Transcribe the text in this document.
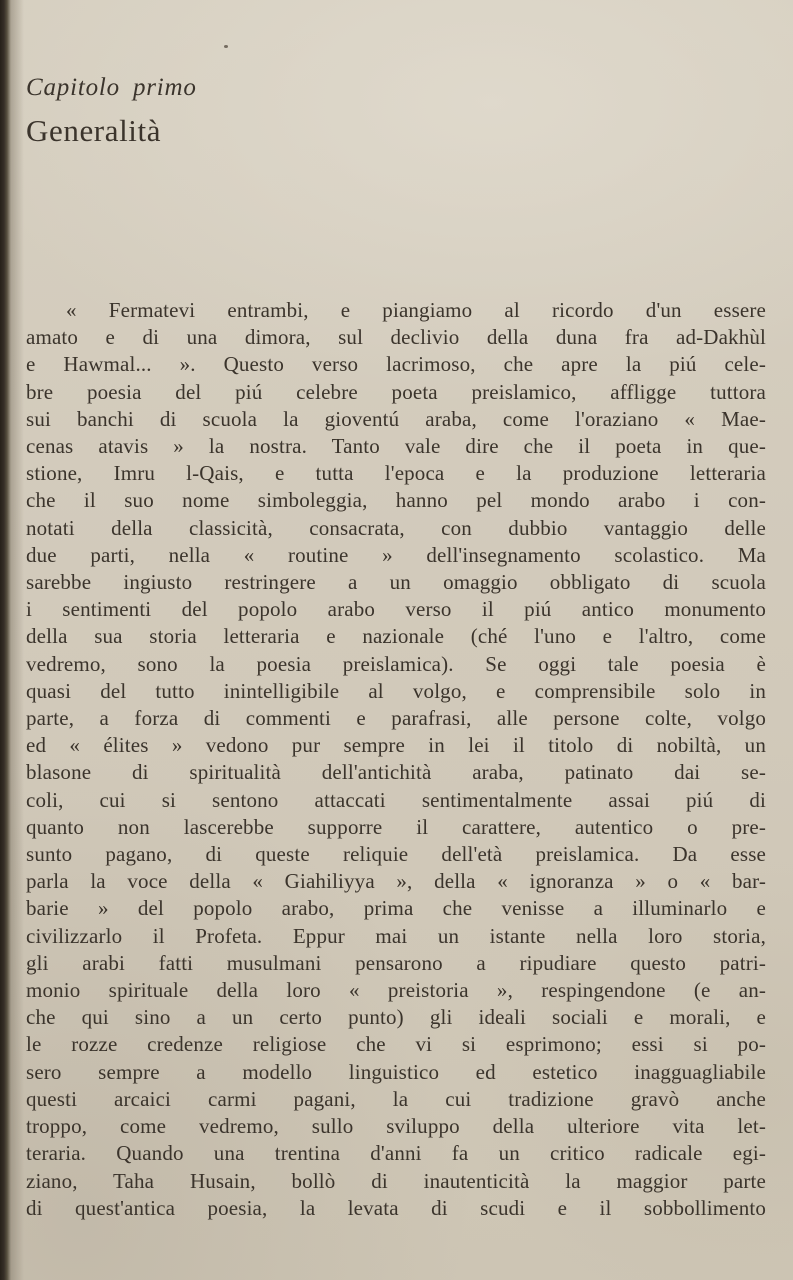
Capitolo primo
Generalità
« Fermatevi entrambi, e piangiamo al ricordo d'un essere
amato e di una dimora, sul declivio della duna fra ad-Dakhùl
e Hawmal... ». Questo verso lacrimoso, che apre la piú cele-
bre poesia del piú celebre poeta preislamico, affligge tuttora
sui banchi di scuola la gioventú araba, come l'oraziano « Mae-
cenas atavis » la nostra. Tanto vale dire che il poeta in que-
stione, Imru l-Qais, e tutta l'epoca e la produzione letteraria
che il suo nome simboleggia, hanno pel mondo arabo i con-
notati della classicità, consacrata, con dubbio vantaggio delle
due parti, nella « routine » dell'insegnamento scolastico. Ma
sarebbe ingiusto restringere a un omaggio obbligato di scuola
i sentimenti del popolo arabo verso il piú antico monumento
della sua storia letteraria e nazionale (ché l'uno e l'altro, come
vedremo, sono la poesia preislamica). Se oggi tale poesia è
quasi del tutto inintelligibile al volgo, e comprensibile solo in
parte, a forza di commenti e parafrasi, alle persone colte, volgo
ed « élites » vedono pur sempre in lei il titolo di nobiltà, un
blasone di spiritualità dell'antichità araba, patinato dai se-
coli, cui si sentono attaccati sentimentalmente assai piú di
quanto non lascerebbe supporre il carattere, autentico o pre-
sunto pagano, di queste reliquie dell'età preislamica. Da esse
parla la voce della « Giahiliyya », della « ignoranza » o « bar-
barie » del popolo arabo, prima che venisse a illuminarlo e
civilizzarlo il Profeta. Eppur mai un istante nella loro storia,
gli arabi fatti musulmani pensarono a ripudiare questo patri-
monio spirituale della loro « preistoria », respingendone (e an-
che qui sino a un certo punto) gli ideali sociali e morali, e
le rozze credenze religiose che vi si esprimono; essi si po-
sero sempre a modello linguistico ed estetico inagguagliabile
questi arcaici carmi pagani, la cui tradizione gravò anche
troppo, come vedremo, sullo sviluppo della ulteriore vita let-
teraria. Quando una trentina d'anni fa un critico radicale egi-
ziano, Taha Husain, bollò di inautenticità la maggior parte
di quest'antica poesia, la levata di scudi e il sobbollimento
